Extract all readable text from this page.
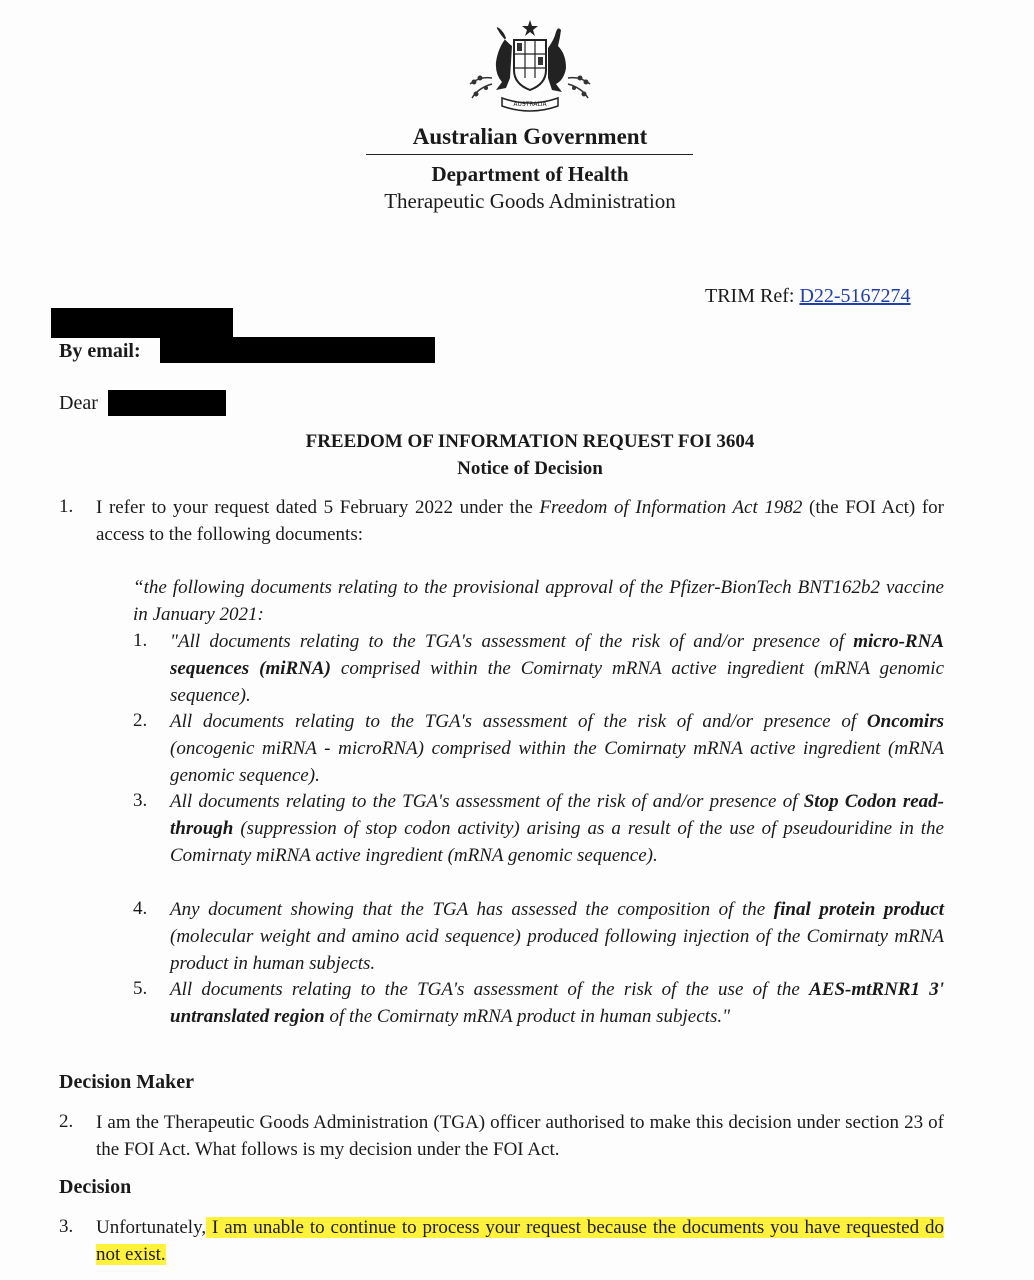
AUSTRALIA
Australian Government
Department of Health
Therapeutic Goods Administration
TRIM Ref: D22-5167274
By email:
Dear
FREEDOM OF INFORMATION REQUEST FOI 3604
Notice of Decision
1. I refer to your request dated 5 February 2022 under the Freedom of Information Act 1982 (the FOI Act) for access to the following documents:
“the following documents relating to the provisional approval of the Pfizer-BionTech BNT162b2 vaccine in January 2021:
1. "All documents relating to the TGA's assessment of the risk of and/or presence of micro-RNA sequences (miRNA) comprised within the Comirnaty mRNA active ingredient (mRNA genomic sequence).
2. All documents relating to the TGA's assessment of the risk of and/or presence of Oncomirs (oncogenic miRNA - microRNA) comprised within the Comirnaty mRNA active ingredient (mRNA genomic sequence).
3. All documents relating to the TGA's assessment of the risk of and/or presence of Stop Codon read-through (suppression of stop codon activity) arising as a result of the use of pseudouridine in the Comirnaty miRNA active ingredient (mRNA genomic sequence).
4. Any document showing that the TGA has assessed the composition of the final protein product (molecular weight and amino acid sequence) produced following injection of the Comirnaty mRNA product in human subjects.
5. All documents relating to the TGA's assessment of the risk of the use of the AES-mtRNR1 3' untranslated region of the Comirnaty mRNA product in human subjects."
Decision Maker
2. I am the Therapeutic Goods Administration (TGA) officer authorised to make this decision under section 23 of the FOI Act. What follows is my decision under the FOI Act.
Decision
3. Unfortunately, I am unable to continue to process your request because the documents you have requested do not exist.
